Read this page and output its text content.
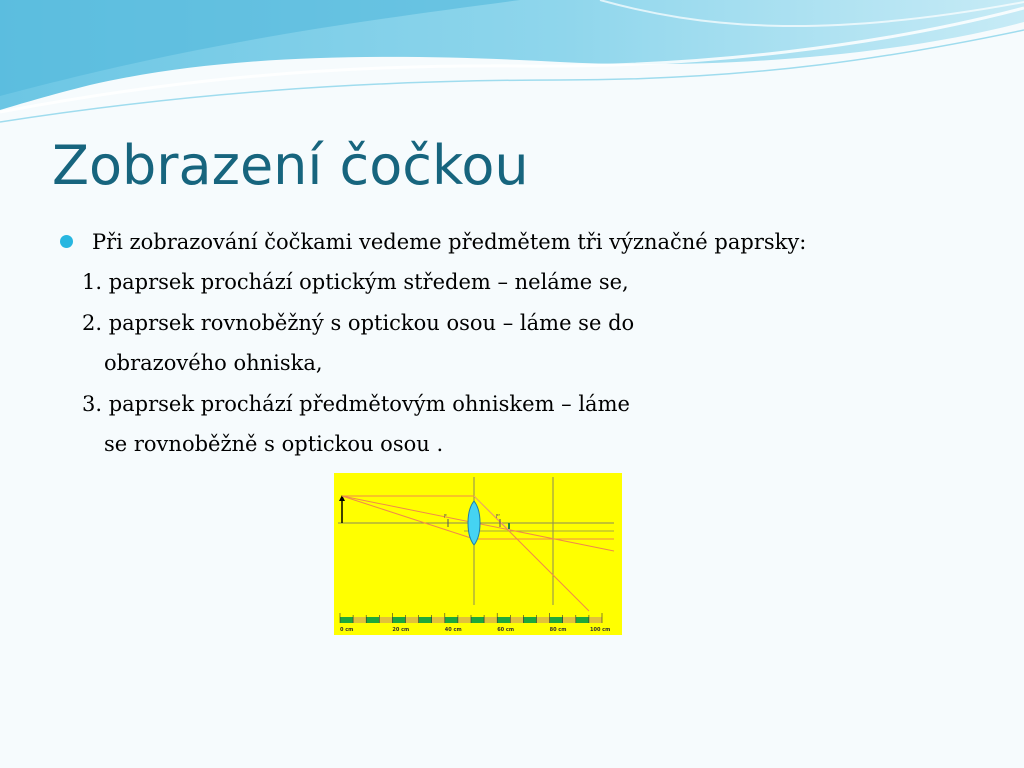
Zobrazení čočkou
Při zobrazování čočkami vedeme předmětem tři význačné paprsky:
1. paprsek prochází optickým středem – neláme se,
2. paprsek rovnoběžný s optickou osou – láme se do
obrazového ohniska,
3. paprsek prochází předmětovým ohniskem – láme
se rovnoběžně s optickou osou .
F	F'
0 cm	20 cm	40 cm	60 cm	80 cm	100 cm
